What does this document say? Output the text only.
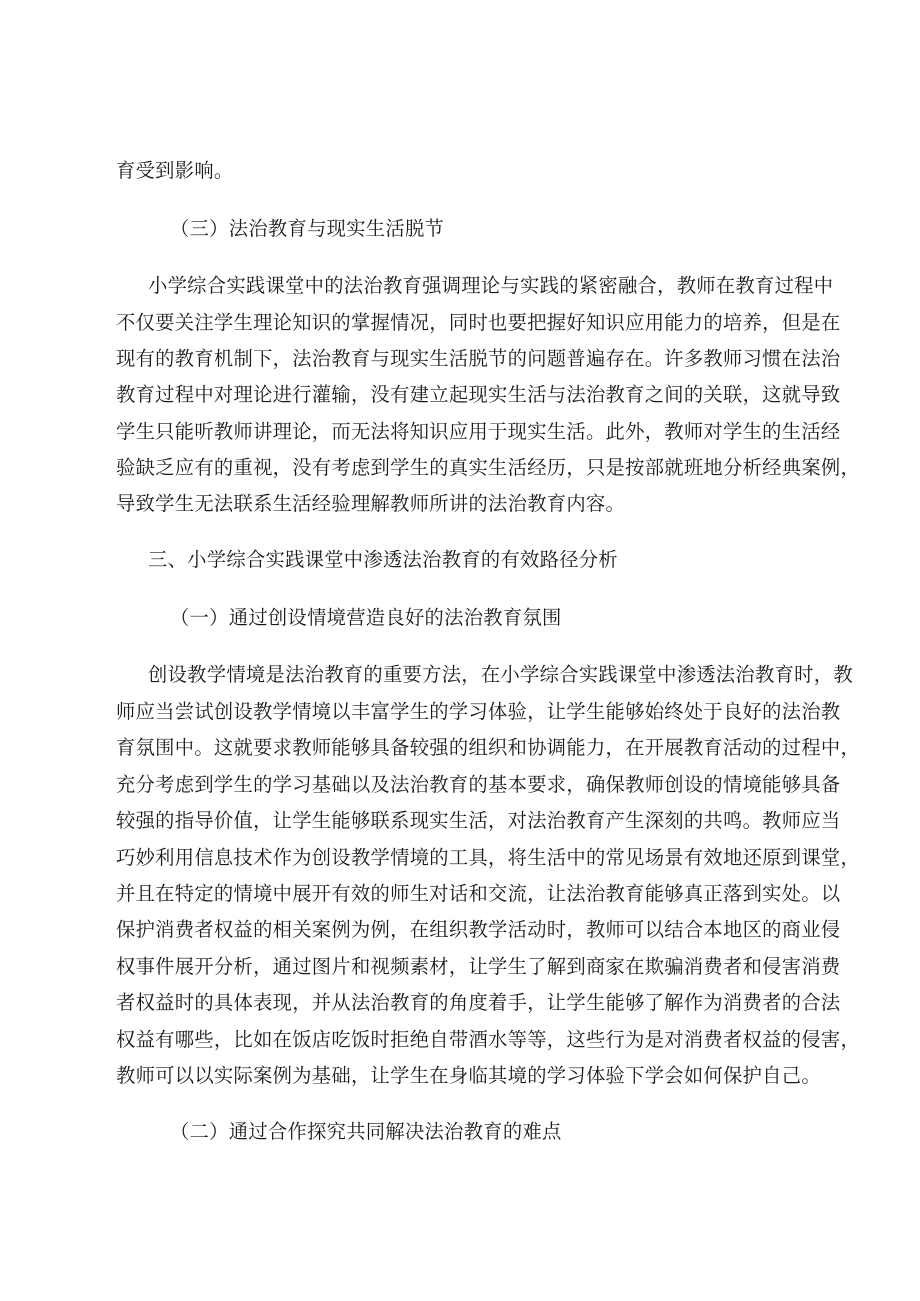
育受到影响。
（三）法治教育与现实生活脱节
小学综合实践课堂中的法治教育强调理论与实践的紧密融合，教师在教育过程中
不仅要关注学生理论知识的掌握情况，同时也要把握好知识应用能力的培养，但是在
现有的教育机制下，法治教育与现实生活脱节的问题普遍存在。许多教师习惯在法治
教育过程中对理论进行灌输，没有建立起现实生活与法治教育之间的关联，这就导致
学生只能听教师讲理论，而无法将知识应用于现实生活。此外，教师对学生的生活经
验缺乏应有的重视，没有考虑到学生的真实生活经历，只是按部就班地分析经典案例，
导致学生无法联系生活经验理解教师所讲的法治教育内容。
三、小学综合实践课堂中渗透法治教育的有效路径分析
（一）通过创设情境营造良好的法治教育氛围
创设教学情境是法治教育的重要方法，在小学综合实践课堂中渗透法治教育时，教
师应当尝试创设教学情境以丰富学生的学习体验，让学生能够始终处于良好的法治教
育氛围中。这就要求教师能够具备较强的组织和协调能力，在开展教育活动的过程中，
充分考虑到学生的学习基础以及法治教育的基本要求，确保教师创设的情境能够具备
较强的指导价值，让学生能够联系现实生活，对法治教育产生深刻的共鸣。教师应当
巧妙利用信息技术作为创设教学情境的工具，将生活中的常见场景有效地还原到课堂，
并且在特定的情境中展开有效的师生对话和交流，让法治教育能够真正落到实处。以
保护消费者权益的相关案例为例，在组织教学活动时，教师可以结合本地区的商业侵
权事件展开分析，通过图片和视频素材，让学生了解到商家在欺骗消费者和侵害消费
者权益时的具体表现，并从法治教育的角度着手，让学生能够了解作为消费者的合法
权益有哪些，比如在饭店吃饭时拒绝自带酒水等等，这些行为是对消费者权益的侵害，
教师可以以实际案例为基础，让学生在身临其境的学习体验下学会如何保护自己。
（二）通过合作探究共同解决法治教育的难点
